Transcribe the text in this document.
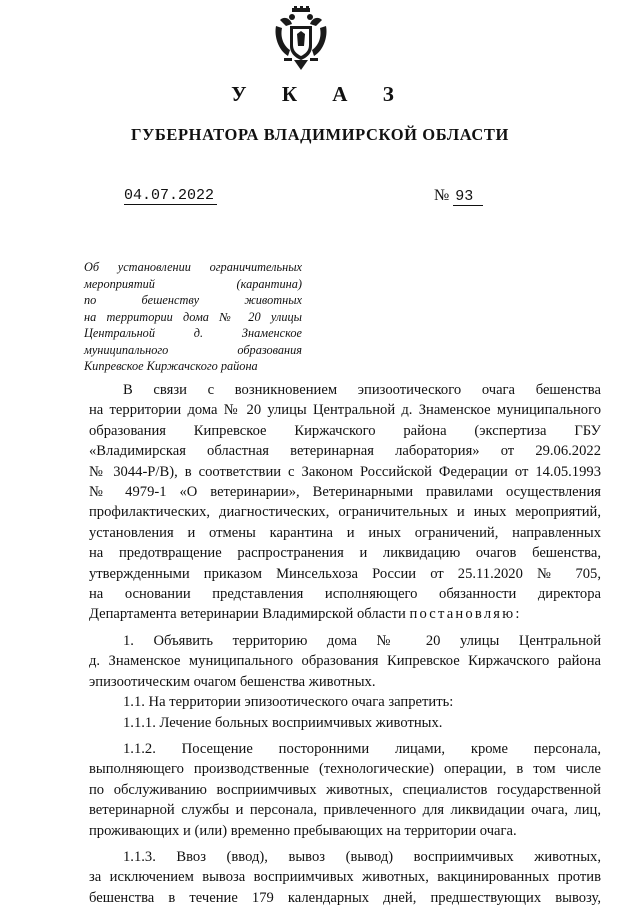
У К А З
ГУБЕРНАТОРА ВЛАДИМИРСКОЙ ОБЛАСТИ
04.07.2022	№ 93
Об установлении ограничительных
мероприятий (карантина)
по бешенству животных
на территории дома № 20 улицы
Центральной д. Знаменское
муниципального образования
Кипревское Киржачского района
В связи с возникновением эпизоотического очага бешенства
на территории дома № 20 улицы Центральной д. Знаменское муниципального
образования Кипревское Киржачского района (экспертиза ГБУ
«Владимирская областная ветеринарная лаборатория» от 29.06.2022
№ 3044-Р/В), в соответствии с Законом Российской Федерации от 14.05.1993
№ 4979-1 «О ветеринарии», Ветеринарными правилами осуществления
профилактических, диагностических, ограничительных и иных мероприятий,
установления и отмены карантина и иных ограничений, направленных
на предотвращение распространения и ликвидацию очагов бешенства,
утвержденными приказом Минсельхоза России от 25.11.2020 № 705,
на основании представления исполняющего обязанности директора
Департамента ветеринарии Владимирской области постановляю:
1. Объявить территорию дома № 20 улицы Центральной
д. Знаменское муниципального образования Кипревское Киржачского района
эпизоотическим очагом бешенства животных.
1.1. На территории эпизоотического очага запретить:
1.1.1. Лечение больных восприимчивых животных.
1.1.2. Посещение посторонними лицами, кроме персонала,
выполняющего производственные (технологические) операции, в том числе
по обслуживанию восприимчивых животных, специалистов государственной
ветеринарной службы и персонала, привлеченного для ликвидации очага, лиц,
проживающих и (или) временно пребывающих на территории очага.
1.1.3. Ввоз (ввод), вывоз (вывод) восприимчивых животных,
за исключением вывоза восприимчивых животных, вакцинированных против
бешенства в течение 179 календарных дней, предшествующих вывозу,
